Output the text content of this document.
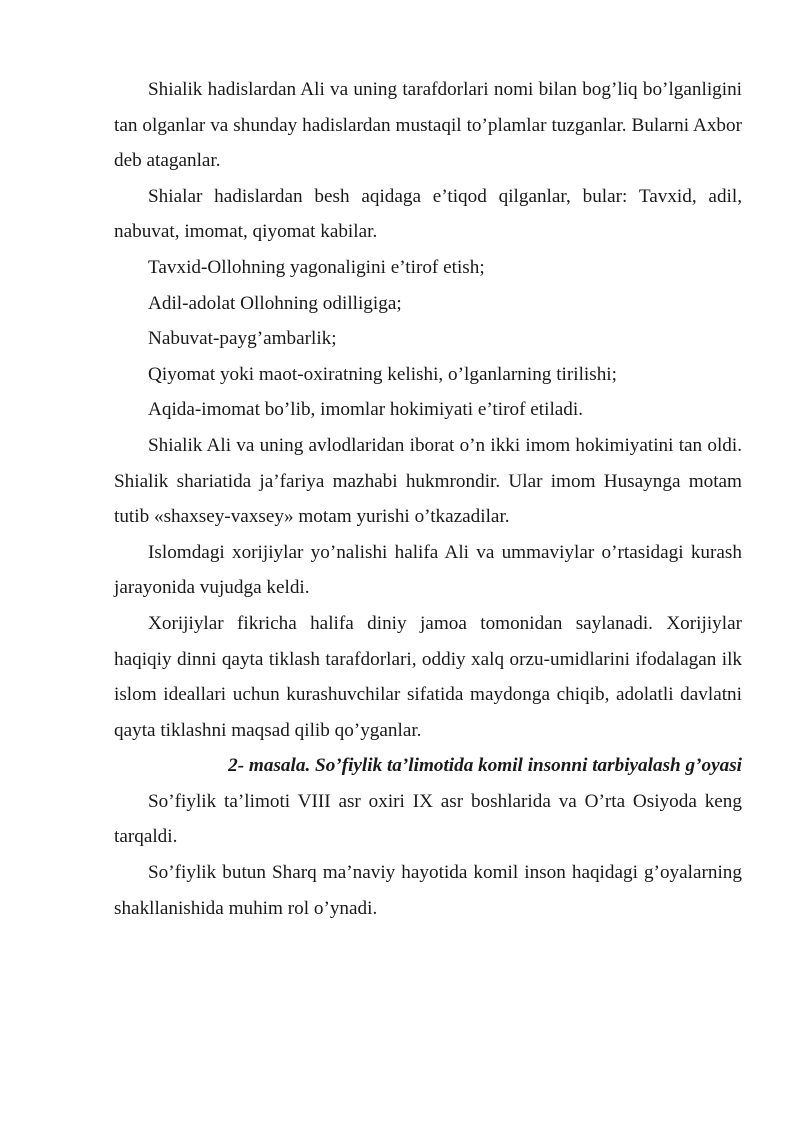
Shialik hadislardan Ali va uning tarafdorlari nomi bilan bog’liq bo’lganligini tan olganlar va shunday hadislardan mustaqil to’plamlar tuzganlar. Bularni Axbor deb ataganlar.

Shialar hadislardan besh aqidaga e’tiqod qilganlar, bular: Tavxid, adil, nabuvat, imomat, qiyomat kabilar.

Tavxid-Ollohning yagonaligini e’tirof etish;

Adil-adolat Ollohning odilligiga;

Nabuvat-payg’ambarlik;

Qiyomat yoki maot-oxiratning kelishi, o’lganlarning tirilishi;

Aqida-imomat bo’lib, imomlar hokimiyati e’tirof etiladi.

Shialik Ali va uning avlodlaridan iborat o’n ikki imom hokimiyatini tan oldi. Shialik shariatida ja’fariya mazhabi hukmrondir. Ular imom Husaynga motam tutib «shaxsey-vaxsey» motam yurishi o’tkazadilar.

Islomdagi xorijiylar yo’nalishi halifa Ali va ummaviylar o’rtasidagi kurash jarayonida vujudga keldi.

Xorijiylar fikricha halifa diniy jamoa tomonidan saylanadi. Xorijiylar haqiqiy dinni qayta tiklash tarafdorlari, oddiy xalq orzu-umidlarini ifodalagan ilk islom ideallari uchun kurashuvchilar sifatida maydonga chiqib, adolatli davlatni qayta tiklashni maqsad qilib qo’yganlar.

2- masala. So’fiylik ta’limotida komil insonni tarbiyalash g’oyasi

So’fiylik ta’limoti VIII asr oxiri IX asr boshlarida va O’rta Osiyoda keng tarqaldi.

So’fiylik butun Sharq ma’naviy hayotida komil inson haqidagi g’oyalarning shakllanishida muhim rol o’ynadi.
